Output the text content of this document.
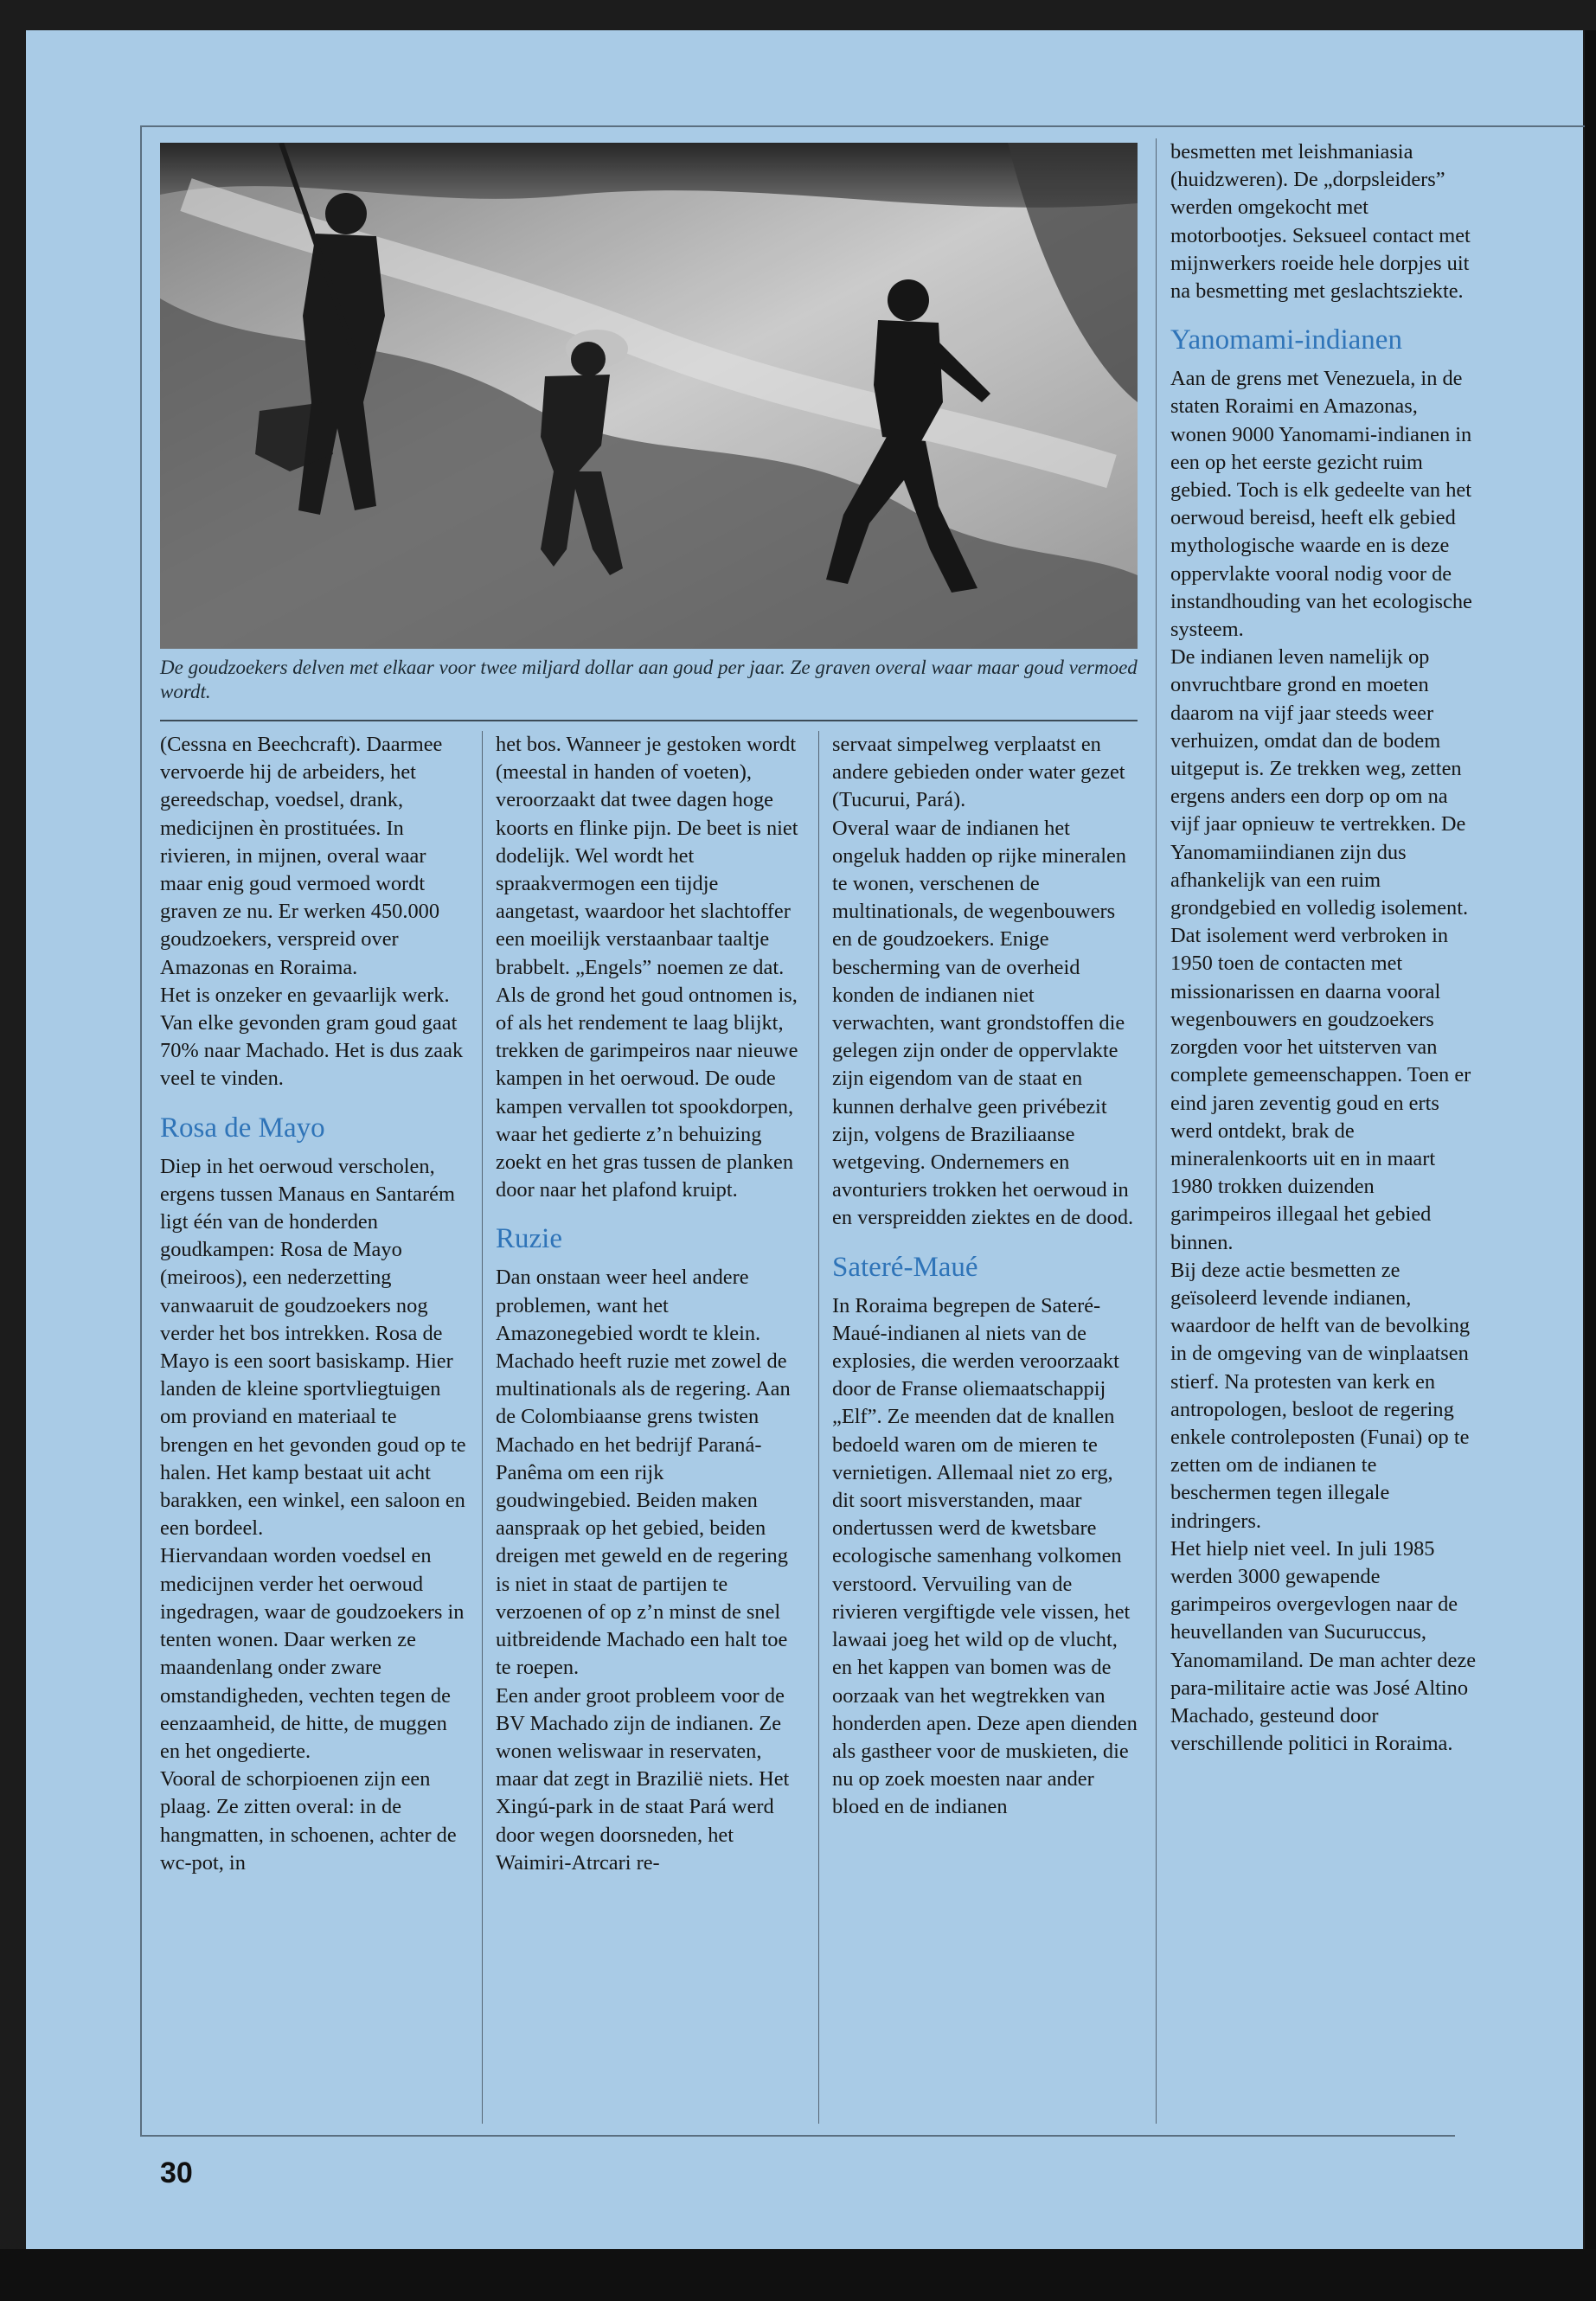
De goudzoekers delven met elkaar voor twee miljard dollar aan goud per jaar. Ze graven overal waar maar goud vermoed wordt.

(Cessna en Beechcraft). Daarmee vervoerde hij de arbeiders, het gereedschap, voedsel, drank, medicijnen èn prostituées. In rivieren, in mijnen, overal waar maar enig goud vermoed wordt graven ze nu. Er werken 450.000 goudzoekers, verspreid over Amazonas en Roraima.

Het is onzeker en gevaarlijk werk. Van elke gevonden gram goud gaat 70% naar Machado. Het is dus zaak veel te vinden.

Rosa de Mayo

Diep in het oerwoud verscholen, ergens tussen Manaus en Santarém ligt één van de honderden goudkampen: Rosa de Mayo (meiroos), een nederzetting vanwaaruit de goudzoekers nog verder het bos intrekken. Rosa de Mayo is een soort basiskamp. Hier landen de kleine sportvliegtuigen om proviand en materiaal te brengen en het gevonden goud op te halen. Het kamp bestaat uit acht barakken, een winkel, een saloon en een bordeel.

Hiervandaan worden voedsel en medicijnen verder het oerwoud ingedragen, waar de goudzoekers in tenten wonen. Daar werken ze maandenlang onder zware omstandigheden, vechten tegen de eenzaamheid, de hitte, de muggen en het ongedierte.

Vooral de schorpioenen zijn een plaag. Ze zitten overal: in de hangmatten, in schoenen, achter de wc-pot, in

het bos. Wanneer je gestoken wordt (meestal in handen of voeten), veroorzaakt dat twee dagen hoge koorts en flinke pijn. De beet is niet dodelijk. Wel wordt het spraakvermogen een tijdje aangetast, waardoor het slachtoffer een moeilijk verstaanbaar taaltje brabbelt. „Engels” noemen ze dat.

Als de grond het goud ontnomen is, of als het rendement te laag blijkt, trekken de garimpeiros naar nieuwe kampen in het oerwoud. De oude kampen vervallen tot spookdorpen, waar het gedierte z’n behuizing zoekt en het gras tussen de planken door naar het plafond kruipt.

Ruzie

Dan onstaan weer heel andere problemen, want het Amazonegebied wordt te klein. Machado heeft ruzie met zowel de multinationals als de regering. Aan de Colombiaanse grens twisten Machado en het bedrijf Paraná-Panêma om een rijk goudwingebied. Beiden maken aanspraak op het gebied, beiden dreigen met geweld en de regering is niet in staat de partijen te verzoenen of op z’n minst de snel uitbreidende Machado een halt toe te roepen.

Een ander groot probleem voor de BV Machado zijn de indianen. Ze wonen weliswaar in reservaten, maar dat zegt in Brazilië niets. Het Xingú-park in de staat Pará werd door wegen doorsneden, het Waimiri-Atrcari re-

servaat simpelweg verplaatst en andere gebieden onder water gezet (Tucurui, Pará).

Overal waar de indianen het ongeluk hadden op rijke mineralen te wonen, verschenen de multinationals, de wegenbouwers en de goudzoekers. Enige bescherming van de overheid konden de indianen niet verwachten, want grondstoffen die gelegen zijn onder de oppervlakte zijn eigendom van de staat en kunnen derhalve geen privébezit zijn, volgens de Braziliaanse wetgeving. Ondernemers en avonturiers trokken het oerwoud in en verspreidden ziektes en de dood.

Sateré-Maué

In Roraima begrepen de Sateré-Maué-indianen al niets van de explosies, die werden veroorzaakt door de Franse oliemaatschappij „Elf”. Ze meenden dat de knallen bedoeld waren om de mieren te vernietigen. Allemaal niet zo erg, dit soort misverstanden, maar ondertussen werd de kwetsbare ecologische samenhang volkomen verstoord. Vervuiling van de rivieren vergiftigde vele vissen, het lawaai joeg het wild op de vlucht, en het kappen van bomen was de oorzaak van het wegtrekken van honderden apen. Deze apen dienden als gastheer voor de muskieten, die nu op zoek moesten naar ander bloed en de indianen

besmetten met leishmaniasia (huidzweren). De „dorpsleiders” werden omgekocht met motorbootjes. Seksueel contact met mijnwerkers roeide hele dorpjes uit na besmetting met geslachtsziekte.

Yanomami-indianen

Aan de grens met Venezuela, in de staten Roraimi en Amazonas, wonen 9000 Yanomami-indianen in een op het eerste gezicht ruim gebied. Toch is elk gedeelte van het oerwoud bereisd, heeft elk gebied mythologische waarde en is deze oppervlakte vooral nodig voor de instandhouding van het ecologische systeem.

De indianen leven namelijk op onvruchtbare grond en moeten daarom na vijf jaar steeds weer verhuizen, omdat dan de bodem uitgeput is. Ze trekken weg, zetten ergens anders een dorp op om na vijf jaar opnieuw te vertrekken. De Yanomamiindianen zijn dus afhankelijk van een ruim grondgebied en volledig isolement.

Dat isolement werd verbroken in 1950 toen de contacten met missionarissen en daarna vooral wegenbouwers en goudzoekers zorgden voor het uitsterven van complete gemeenschappen. Toen er eind jaren zeventig goud en erts werd ontdekt, brak de mineralenkoorts uit en in maart 1980 trokken duizenden garimpeiros illegaal het gebied binnen.

Bij deze actie besmetten ze geïsoleerd levende indianen, waardoor de helft van de bevolking in de omgeving van de winplaatsen stierf. Na protesten van kerk en antropologen, besloot de regering enkele controleposten (Funai) op te zetten om de indianen te beschermen tegen illegale indringers.

Het hielp niet veel. In juli 1985 werden 3000 gewapende garimpeiros overgevlogen naar de heuvellanden van Sucuruccus, Yanomamiland. De man achter deze para-militaire actie was José Altino Machado, gesteund door verschillende politici in Roraima.

30
